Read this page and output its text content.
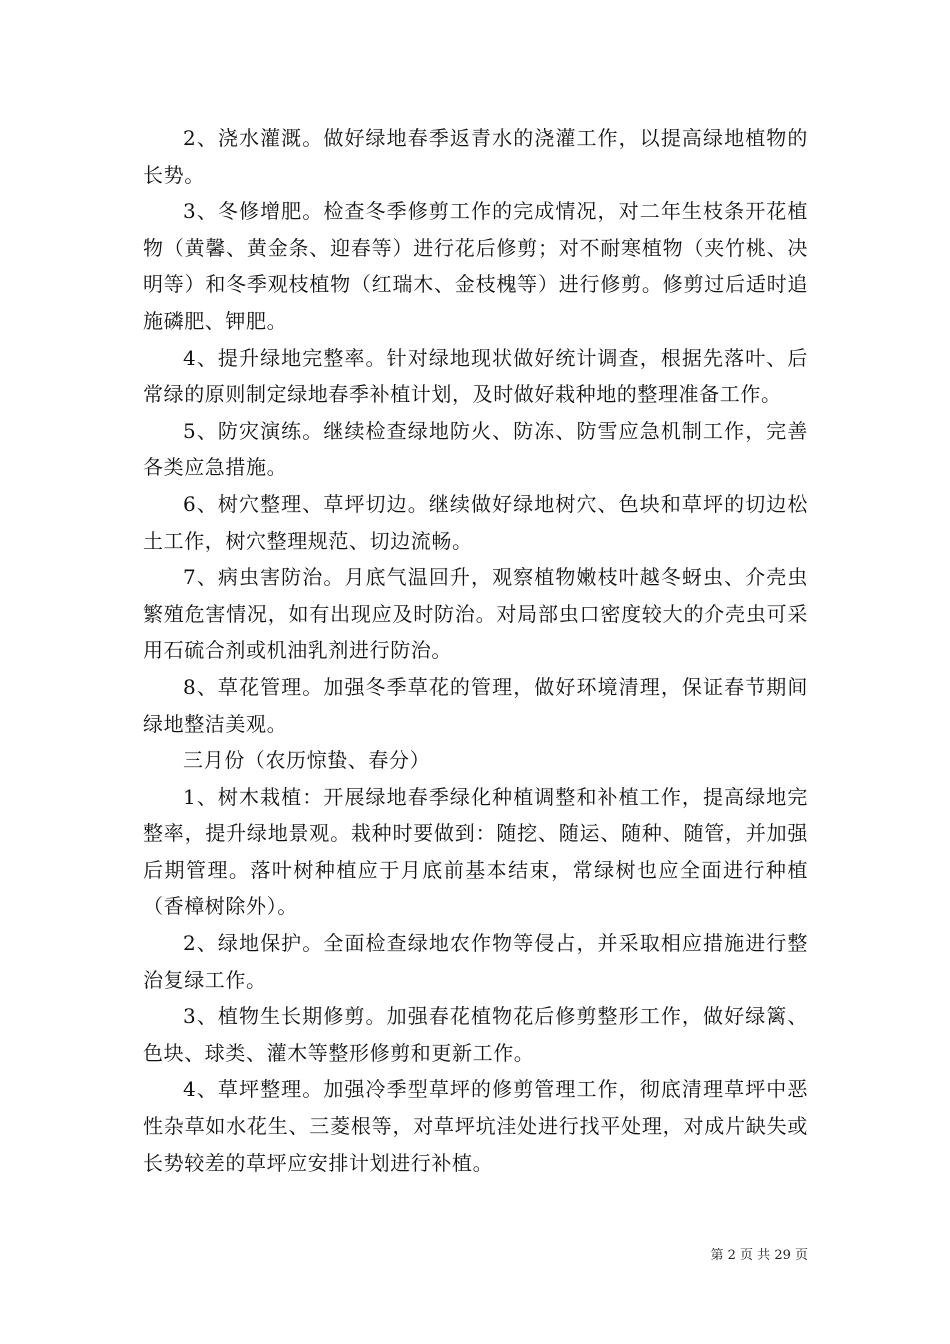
2、浇水灌溉。做好绿地春季返青水的浇灌工作，以提高绿地植物的长势。

3、冬修增肥。检查冬季修剪工作的完成情况，对二年生枝条开花植物（黄馨、黄金条、迎春等）进行花后修剪；对不耐寒植物（夹竹桃、决明等）和冬季观枝植物（红瑞木、金枝槐等）进行修剪。修剪过后适时追施磷肥、钾肥。

4、提升绿地完整率。针对绿地现状做好统计调查，根据先落叶、后常绿的原则制定绿地春季补植计划，及时做好栽种地的整理准备工作。

5、防灾演练。继续检查绿地防火、防冻、防雪应急机制工作，完善各类应急措施。

6、树穴整理、草坪切边。继续做好绿地树穴、色块和草坪的切边松土工作，树穴整理规范、切边流畅。

7、病虫害防治。月底气温回升，观察植物嫩枝叶越冬蚜虫、介壳虫繁殖危害情况，如有出现应及时防治。对局部虫口密度较大的介壳虫可采用石硫合剂或机油乳剂进行防治。

8、草花管理。加强冬季草花的管理，做好环境清理，保证春节期间绿地整洁美观。

三月份（农历惊蛰、春分）

1、树木栽植：开展绿地春季绿化种植调整和补植工作，提高绿地完整率，提升绿地景观。栽种时要做到：随挖、随运、随种、随管，并加强后期管理。落叶树种植应于月底前基本结束，常绿树也应全面进行种植（香樟树除外）。

2、绿地保护。全面检查绿地农作物等侵占，并采取相应措施进行整治复绿工作。

3、植物生长期修剪。加强春花植物花后修剪整形工作，做好绿篱、色块、球类、灌木等整形修剪和更新工作。

4、草坪整理。加强冷季型草坪的修剪管理工作，彻底清理草坪中恶性杂草如水花生、三菱根等，对草坪坑洼处进行找平处理，对成片缺失或长势较差的草坪应安排计划进行补植。

第 2 页 共 29 页
